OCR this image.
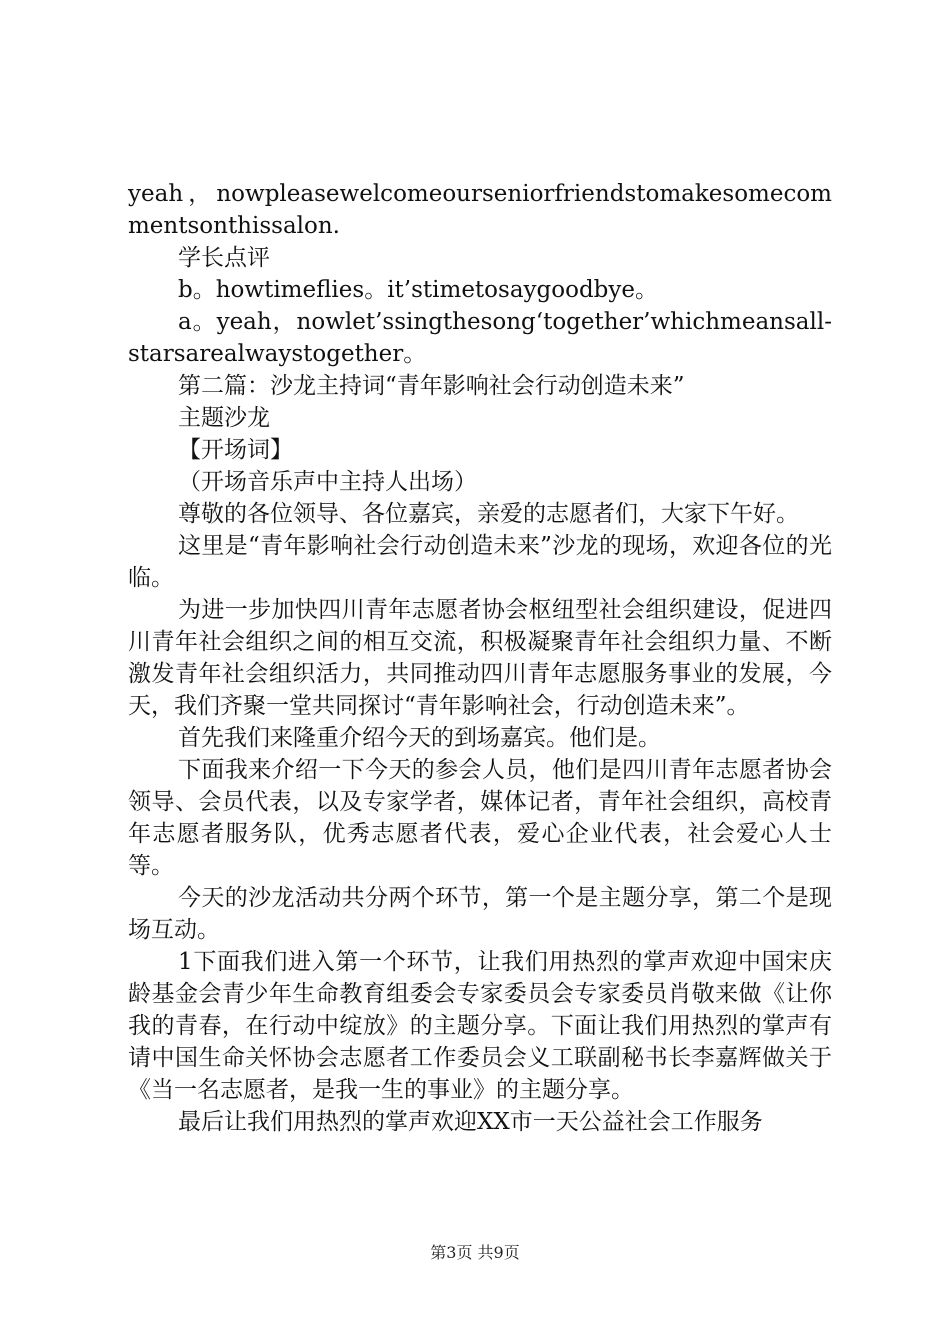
yeah，nowpleasewelcomeourseniorfriendstomakesomecommentsonthissalon.

学长点评

b。howtimeflies。it’stimetosaygoodbye。

a。yeah，nowlet’ssingthesong‘together’whichmeansall-starsarealwaystogether。

第二篇：沙龙主持词“青年影响社会行动创造未来”

主题沙龙

【开场词】

（开场音乐声中主持人出场）

尊敬的各位领导、各位嘉宾，亲爱的志愿者们，大家下午好。

这里是“青年影响社会行动创造未来”沙龙的现场，欢迎各位的光临。

为进一步加快四川青年志愿者协会枢纽型社会组织建设，促进四川青年社会组织之间的相互交流，积极凝聚青年社会组织力量、不断激发青年社会组织活力，共同推动四川青年志愿服务事业的发展，今天，我们齐聚一堂共同探讨“青年影响社会，行动创造未来”。

首先我们来隆重介绍今天的到场嘉宾。他们是。

下面我来介绍一下今天的参会人员，他们是四川青年志愿者协会领导、会员代表，以及专家学者，媒体记者，青年社会组织，高校青年志愿者服务队，优秀志愿者代表，爱心企业代表，社会爱心人士等。

今天的沙龙活动共分两个环节，第一个是主题分享，第二个是现场互动。

1下面我们进入第一个环节，让我们用热烈的掌声欢迎中国宋庆龄基金会青少年生命教育组委会专家委员会专家委员肖敬来做《让你我的青春，在行动中绽放》的主题分享。下面让我们用热烈的掌声有请中国生命关怀协会志愿者工作委员会义工联副秘书长李嘉辉做关于《当一名志愿者，是我一生的事业》的主题分享。

最后让我们用热烈的掌声欢迎XX市一天公益社会工作服务

第3页 共9页
